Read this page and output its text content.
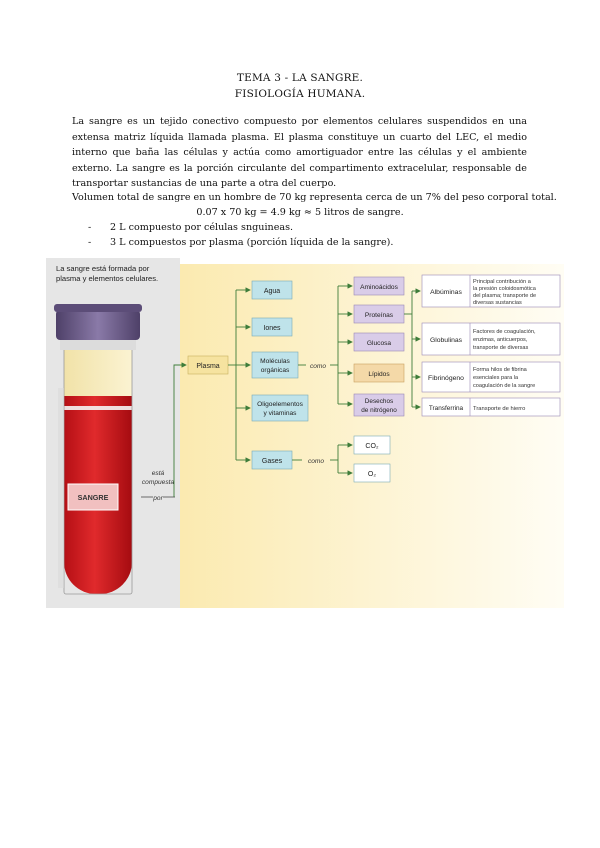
TEMA 3 - LA SANGRE.
FISIOLOGÍA HUMANA.
La sangre es un tejido conectivo compuesto por elementos celulares suspendidos en una extensa matriz líquida llamada plasma. El plasma constituye un cuarto del LEC, el medio interno que baña las células y actúa como amortiguador entre las células y el ambiente externo. La sangre es la porción circulante del compartimento extracelular, responsable de transportar sustancias de una parte a otra del cuerpo.
Volumen total de sangre en un hombre de 70 kg representa cerca de un 7% del peso corporal total.
0.07 x 70 kg = 4.9 kg ≈ 5 litros de sangre.
- 2 L compuesto por células snguineas.
- 3 L compuestos por plasma (porción líquida de la sangre).
La sangre está formada por
plasma y elementos celulares.
SANGRE
está
compuesta
por
Plasma
Agua
Iones
Moléculas
orgánicas
Oligoelementos
y vitaminas
Gases
como
Aminoácidos
Proteínas
Glucosa
Lípidos
Desechos
de nitrógeno
como
CO₂
O₂
Albúminas
Principal contribución a
la presión coloidosmótica
del plasma; transporte de
diversas sustancias
Globulinas
Factores de coagulación,
enzimas, anticuerpos,
transporte de diversas
Fibrinógeno
Forma hilos de fibrina
esenciales para la
coagulación de la sangre
Transferrina Transporte de hierro
